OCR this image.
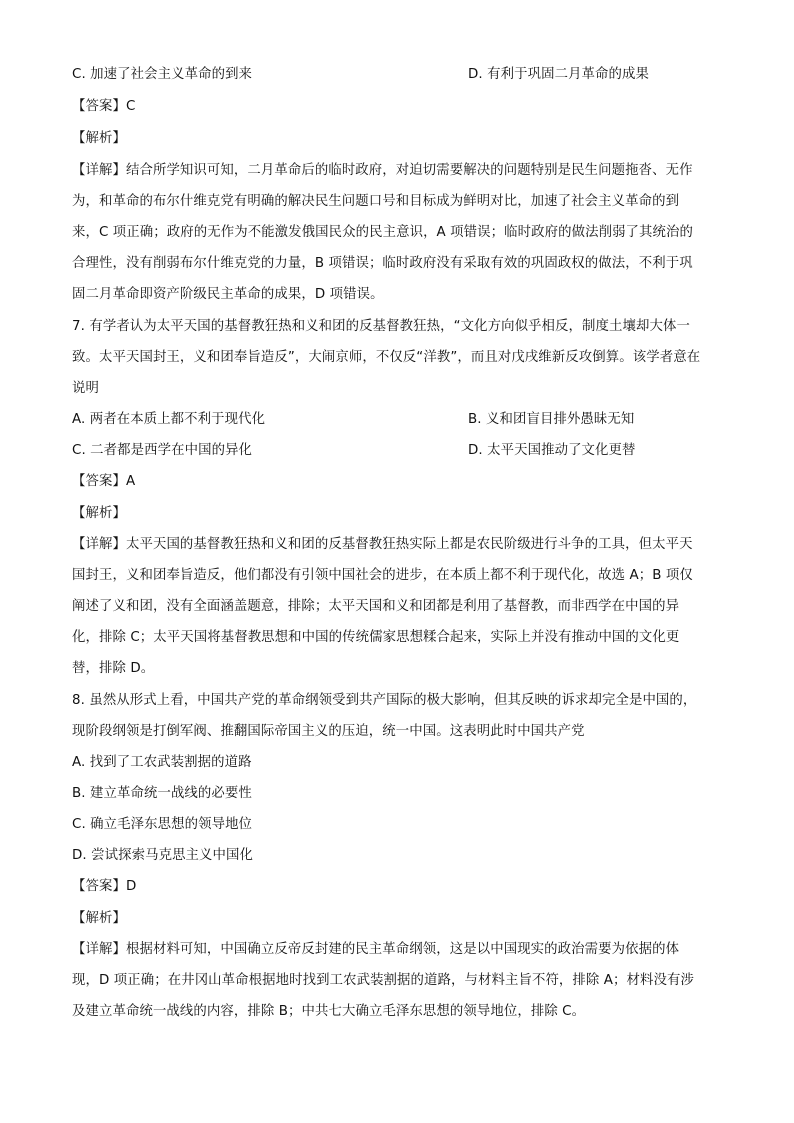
C. 加速了社会主义革命的到来	D. 有利于巩固二月革命的成果
【答案】C
【解析】
【详解】结合所学知识可知，二月革命后的临时政府，对迫切需要解决的问题特别是民生问题拖沓、无作
为，和革命的布尔什维克党有明确的解决民生问题口号和目标成为鲜明对比，加速了社会主义革命的到
来，C 项正确；政府的无作为不能激发俄国民众的民主意识，A 项错误；临时政府的做法削弱了其统治的
合理性，没有削弱布尔什维克党的力量，B 项错误；临时政府没有采取有效的巩固政权的做法，不利于巩
固二月革命即资产阶级民主革命的成果，D 项错误。
7. 有学者认为太平天国的基督教狂热和义和团的反基督教狂热，“文化方向似乎相反，制度土壤却大体一
致。太平天国封王，义和团奉旨造反”，大闹京师，不仅反“洋教”，而且对戊戌维新反攻倒算。该学者意在
说明
A. 两者在本质上都不利于现代化	B. 义和团盲目排外愚昧无知
C. 二者都是西学在中国的异化	D. 太平天国推动了文化更替
【答案】A
【解析】
【详解】太平天国的基督教狂热和义和团的反基督教狂热实际上都是农民阶级进行斗争的工具，但太平天
国封王，义和团奉旨造反，他们都没有引领中国社会的进步，在本质上都不利于现代化，故选 A；B 项仅
阐述了义和团，没有全面涵盖题意，排除；太平天国和义和团都是利用了基督教，而非西学在中国的异
化，排除 C；太平天国将基督教思想和中国的传统儒家思想糅合起来，实际上并没有推动中国的文化更
替，排除 D。
8. 虽然从形式上看，中国共产党的革命纲领受到共产国际的极大影响，但其反映的诉求却完全是中国的，
现阶段纲领是打倒军阀、推翻国际帝国主义的压迫，统一中国。这表明此时中国共产党
A. 找到了工农武装割据的道路
B. 建立革命统一战线的必要性
C. 确立毛泽东思想的领导地位
D. 尝试探索马克思主义中国化
【答案】D
【解析】
【详解】根据材料可知，中国确立反帝反封建的民主革命纲领，这是以中国现实的政治需要为依据的体
现，D 项正确；在井冈山革命根据地时找到工农武装割据的道路，与材料主旨不符，排除 A；材料没有涉
及建立革命统一战线的内容，排除 B；中共七大确立毛泽东思想的领导地位，排除 C。
